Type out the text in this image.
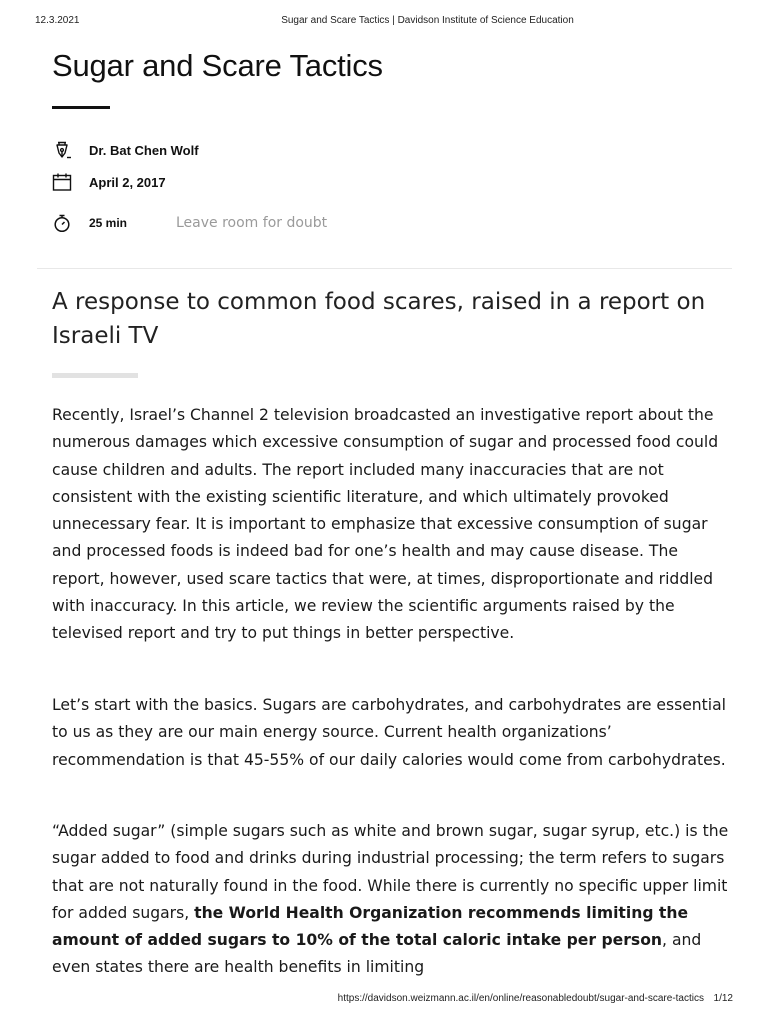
12.3.2021	Sugar and Scare Tactics | Davidson Institute of Science Education
Sugar and Scare Tactics
Dr. Bat Chen Wolf
April 2, 2017
25 min	Leave room for doubt
A response to common food scares, raised in a report on Israeli TV

Recently, Israel’s Channel 2 television broadcasted an investigative report about the numerous damages which excessive consumption of sugar and processed food could cause children and adults. The report included many inaccuracies that are not consistent with the existing scientific literature, and which ultimately provoked unnecessary fear. It is important to emphasize that excessive consumption of sugar and processed foods is indeed bad for one’s health and may cause disease. The report, however, used scare tactics that were, at times, disproportionate and riddled with inaccuracy. In this article, we review the scientific arguments raised by the televised report and try to put things in better perspective.

Let’s start with the basics. Sugars are carbohydrates, and carbohydrates are essential to us as they are our main energy source. Current health organizations’ recommendation is that 45-55% of our daily calories would come from carbohydrates.

“Added sugar” (simple sugars such as white and brown sugar, sugar syrup, etc.) is the sugar added to food and drinks during industrial processing; the term refers to sugars that are not naturally found in the food. While there is currently no specific upper limit for added sugars, the World Health Organization recommends limiting the amount of added sugars to 10% of the total caloric intake per person, and even states there are health benefits in limiting

https://davidson.weizmann.ac.il/en/online/reasonabledoubt/sugar-and-scare-tactics 1/12
